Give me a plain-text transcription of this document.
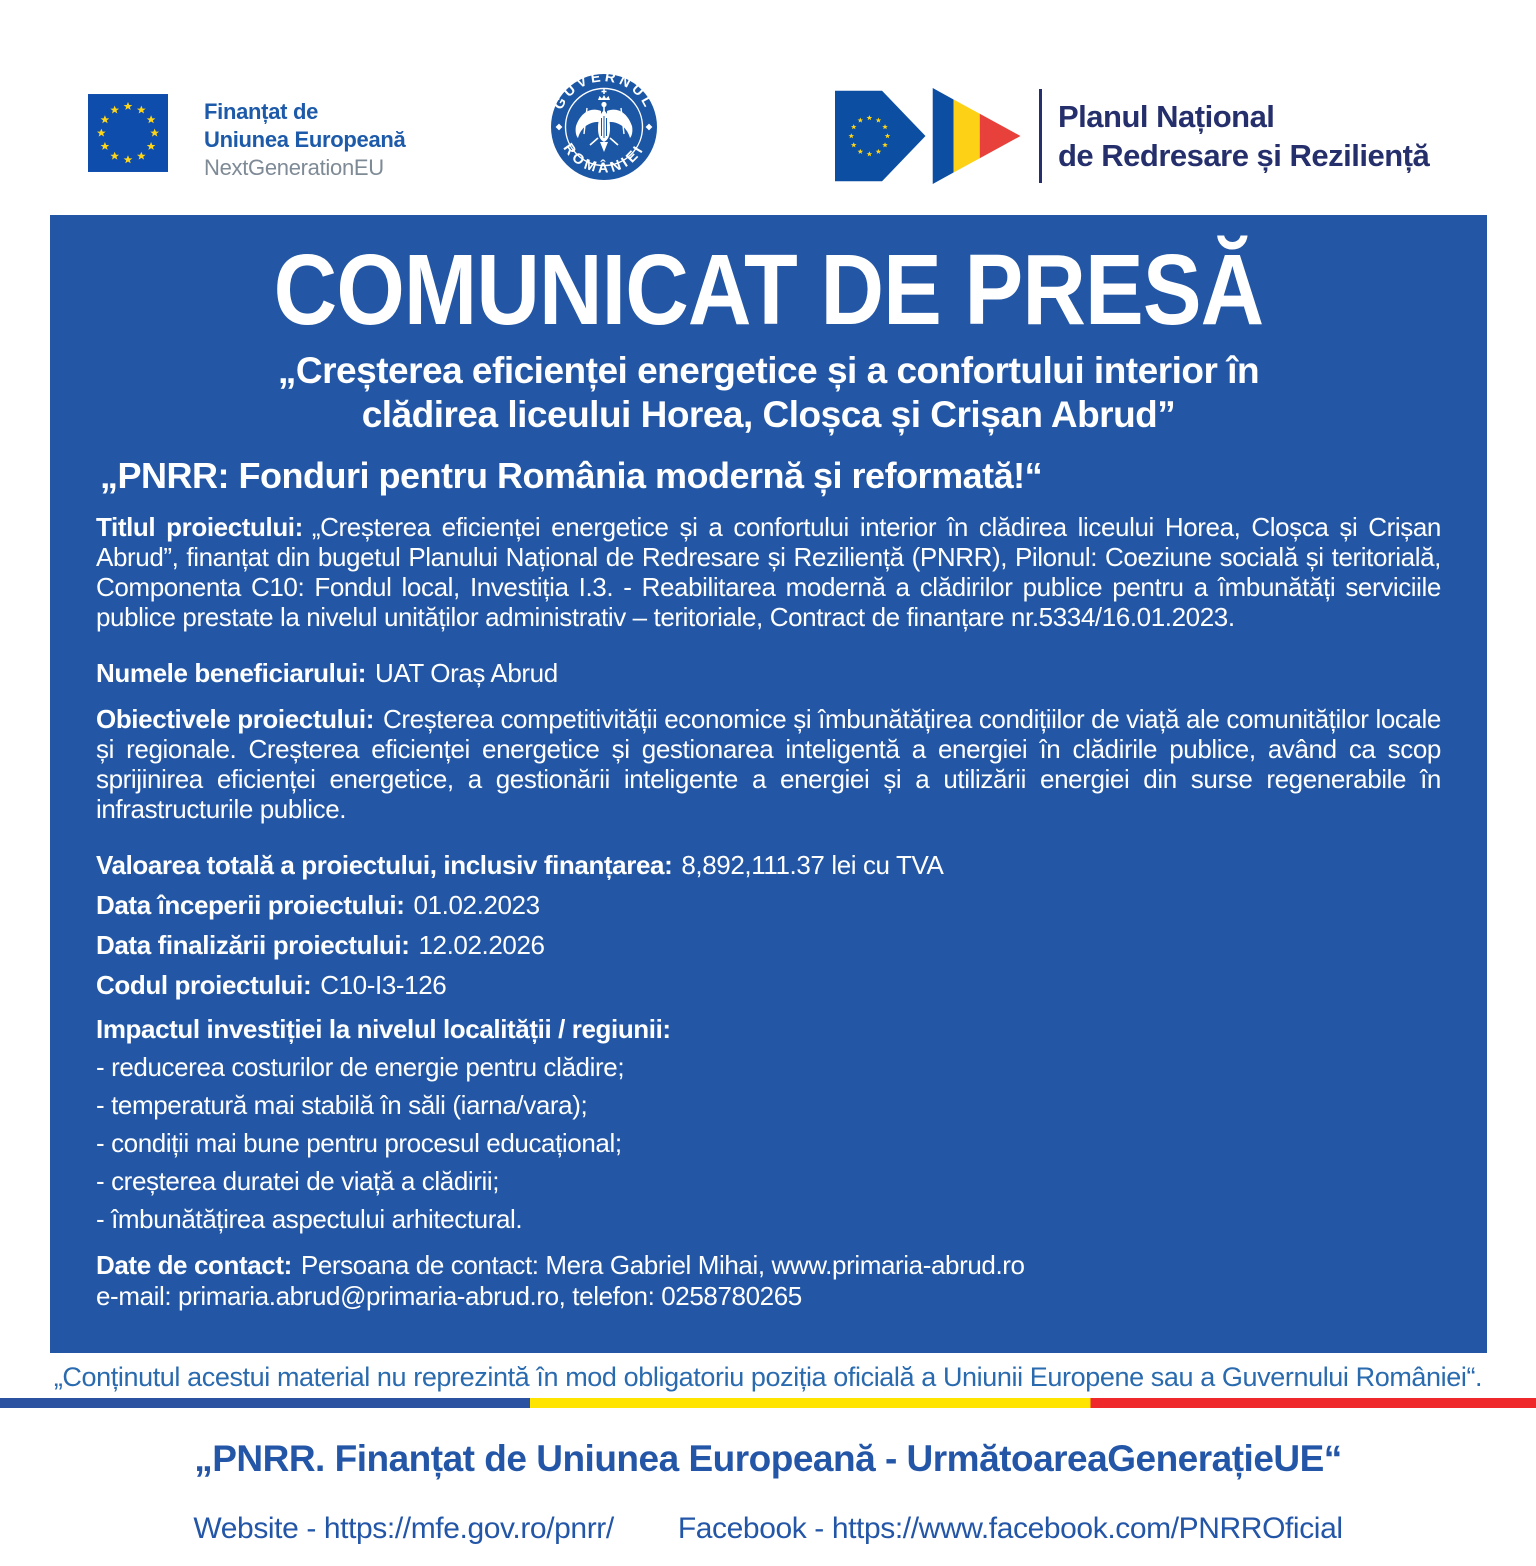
Finanțat de
Uniunea Europeană
NextGenerationEU
GUVERNUL
ROMÂNIEI
Planul Național
de Redresare și Reziliență
COMUNICAT DE PRESĂ
„Creșterea eficienței energetice și a confortului interior în
clădirea liceului Horea, Cloșca și Crișan Abrud”
„PNRR: Fonduri pentru România modernă și reformată!“

Titlul proiectului: „Creșterea eficienței energetice și a confortului interior în clădirea liceului Horea, Cloșca și Crișan Abrud”, finanțat din bugetul Planului Național de Redresare și Reziliență (PNRR), Pilonul: Coeziune socială și teritorială, Componenta C10: Fondul local, Investiția I.3. - Reabilitarea modernă a clădirilor publice pentru a îmbunătăți serviciile publice prestate la nivelul unităților administrativ – teritoriale, Contract de finanțare nr.5334/16.01.2023.

Numele beneficiarului: UAT Oraș Abrud

Obiectivele proiectului: Creșterea competitivității economice și îmbunătățirea condițiilor de viață ale comunităților locale și regionale. Creșterea eficienței energetice și gestionarea inteligentă a energiei în clădirile publice, având ca scop sprijinirea eficienței energetice, a gestionării inteligente a energiei și a utilizării energiei din surse regenerabile în infrastructurile publice.

Valoarea totală a proiectului, inclusiv finanțarea: 8,892,111.37 lei cu TVA
Data începerii proiectului: 01.02.2023
Data finalizării proiectului: 12.02.2026
Codul proiectului: C10-I3-126
Impactul investiției la nivelul localității / regiunii:
- reducerea costurilor de energie pentru clădire;
- temperatură mai stabilă în săli (iarna/vara);
- condiții mai bune pentru procesul educațional;
- creșterea duratei de viață a clădirii;
- îmbunătățirea aspectului arhitectural.
Date de contact: Persoana de contact: Mera Gabriel Mihai, www.primaria-abrud.ro
e-mail: primaria.abrud@primaria-abrud.ro, telefon: 0258780265
„Conținutul acestui material nu reprezintă în mod obligatoriu poziția oficială a Uniunii Europene sau a Guvernului României“.
„PNRR. Finanțat de Uniunea Europeană - UrmătoareaGenerațieUE“
Website - https://mfe.gov.ro/pnrr/ Facebook - https://www.facebook.com/PNRROficial
